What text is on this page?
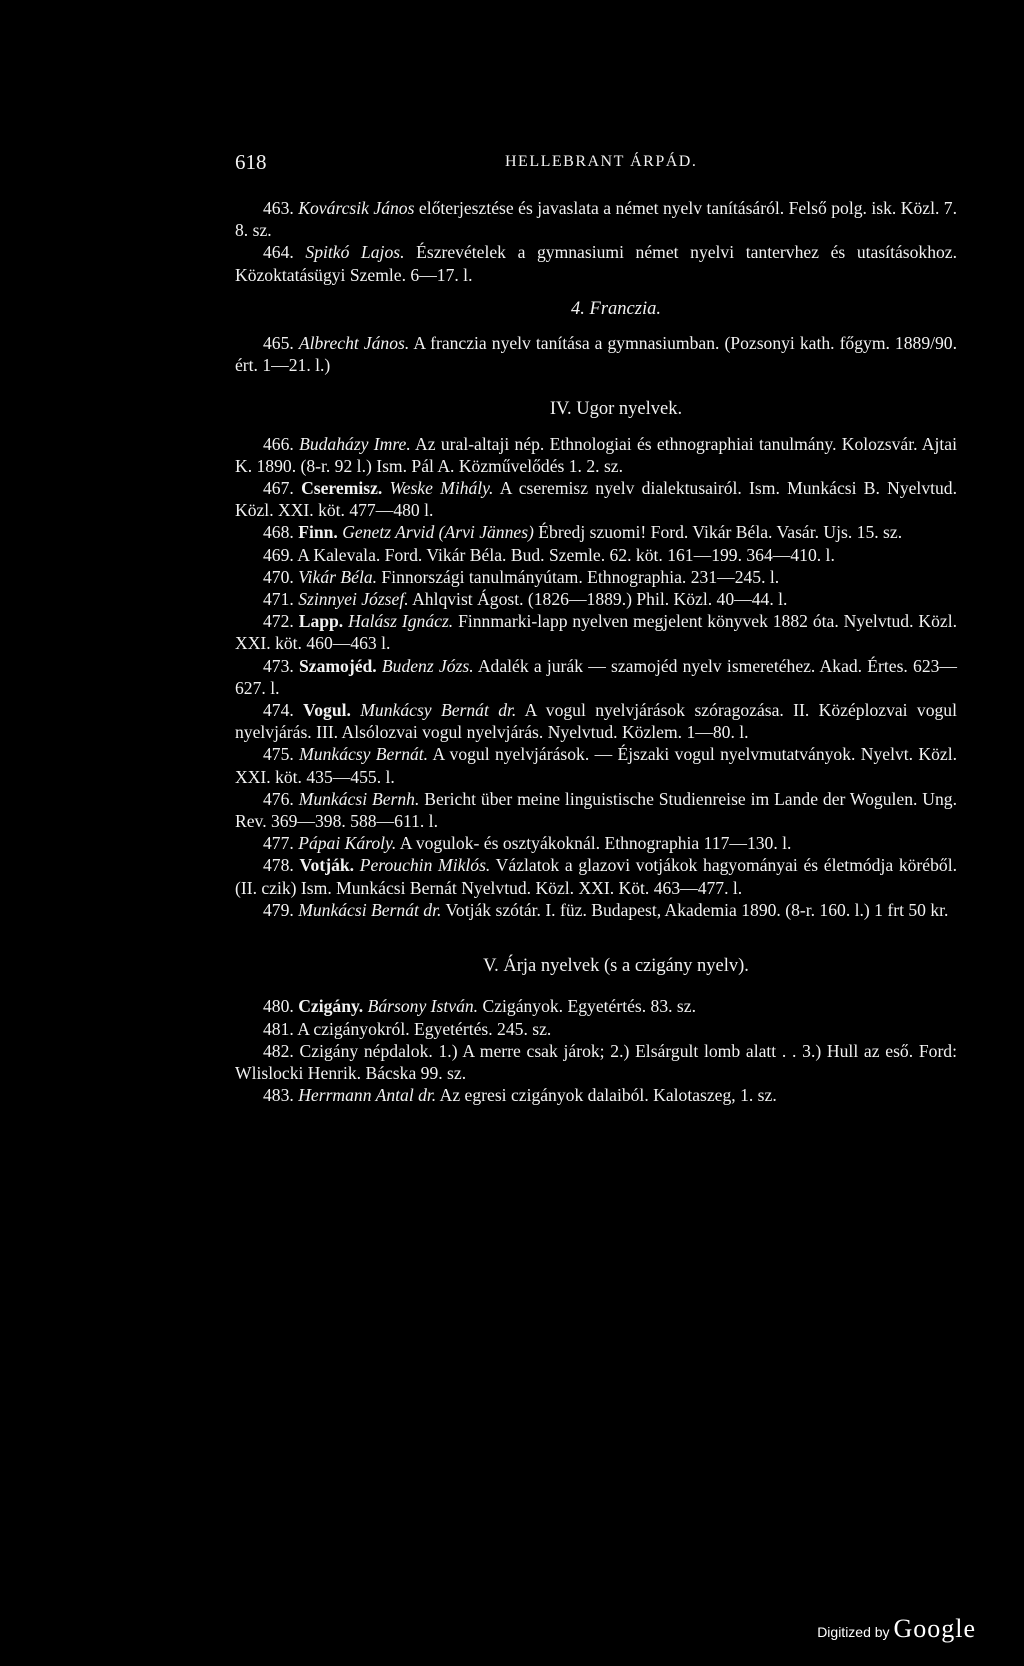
618	HELLEBRANT ÁRPÁD.

463. Kovárcsik János előterjesztése és javaslata a német nyelv tanításáról. Felső polg. isk. Közl. 7. 8. sz.

464. Spitkó Lajos. Észrevételek a gymnasiumi német nyelvi tantervhez és utasításokhoz. Közoktatásügyi Szemle. 6—17. l.

4. Franczia.

465. Albrecht János. A franczia nyelv tanítása a gymnasiumban. (Pozsonyi kath. főgym. 1889/90. ért. 1—21. l.)

IV. Ugor nyelvek.

466. Budaházy Imre. Az ural-altaji nép. Ethnologiai és ethnographiai tanulmány. Kolozsvár. Ajtai K. 1890. (8-r. 92 l.) Ism. Pál A. Közművelődés 1. 2. sz.

467. Cseremisz. Weske Mihály. A cseremisz nyelv dialektusairól. Ism. Munkácsi B. Nyelvtud. Közl. XXI. köt. 477—480 l.

468. Finn. Genetz Arvid (Arvi Jännes) Ébredj szuomi! Ford. Vikár Béla. Vasár. Ujs. 15. sz.

469. A Kalevala. Ford. Vikár Béla. Bud. Szemle. 62. köt. 161—199. 364—410. l.

470. Vikár Béla. Finnországi tanulmányútam. Ethnographia. 231—245. l.

471. Szinnyei József. Ahlqvist Ágost. (1826—1889.) Phil. Közl. 40—44. l.

472. Lapp. Halász Ignácz. Finnmarki-lapp nyelven megjelent könyvek 1882 óta. Nyelvtud. Közl. XXI. köt. 460—463 l.

473. Szamojéd. Budenz Józs. Adalék a jurák — szamojéd nyelv ismeretéhez. Akad. Értes. 623—627. l.

474. Vogul. Munkácsy Bernát dr. A vogul nyelvjárások szóragozása. II. Középlozvai vogul nyelvjárás. III. Alsólozvai vogul nyelvjárás. Nyelvtud. Közlem. 1—80. l.

475. Munkácsy Bernát. A vogul nyelvjárások. — Éjszaki vogul nyelvmutatványok. Nyelvt. Közl. XXI. köt. 435—455. l.

476. Munkácsi Bernh. Bericht über meine linguistische Studienreise im Lande der Wogulen. Ung. Rev. 369—398. 588—611. l.

477. Pápai Károly. A vogulok- és osztyákoknál. Ethnographia 117—130. l.

478. Votják. Perouchin Miklós. Vázlatok a glazovi votjákok hagyományai és életmódja köréből. (II. czik) Ism. Munkácsi Bernát Nyelvtud. Közl. XXI. Köt. 463—477. l.

479. Munkácsi Bernát dr. Votják szótár. I. füz. Budapest, Akademia 1890. (8-r. 160. l.) 1 frt 50 kr.

V. Árja nyelvek (s a czigány nyelv).

480. Czigány. Bársony István. Czigányok. Egyetértés. 83. sz.

481. A czigányokról. Egyetértés. 245. sz.

482. Czigány népdalok. 1.) A merre csak járok; 2.) Elsárgult lomb alatt . . 3.) Hull az eső. Ford: Wlislocki Henrik. Bácska 99. sz.

483. Herrmann Antal dr. Az egresi czigányok dalaiból. Kalotaszeg, 1. sz.

Digitized by Google
